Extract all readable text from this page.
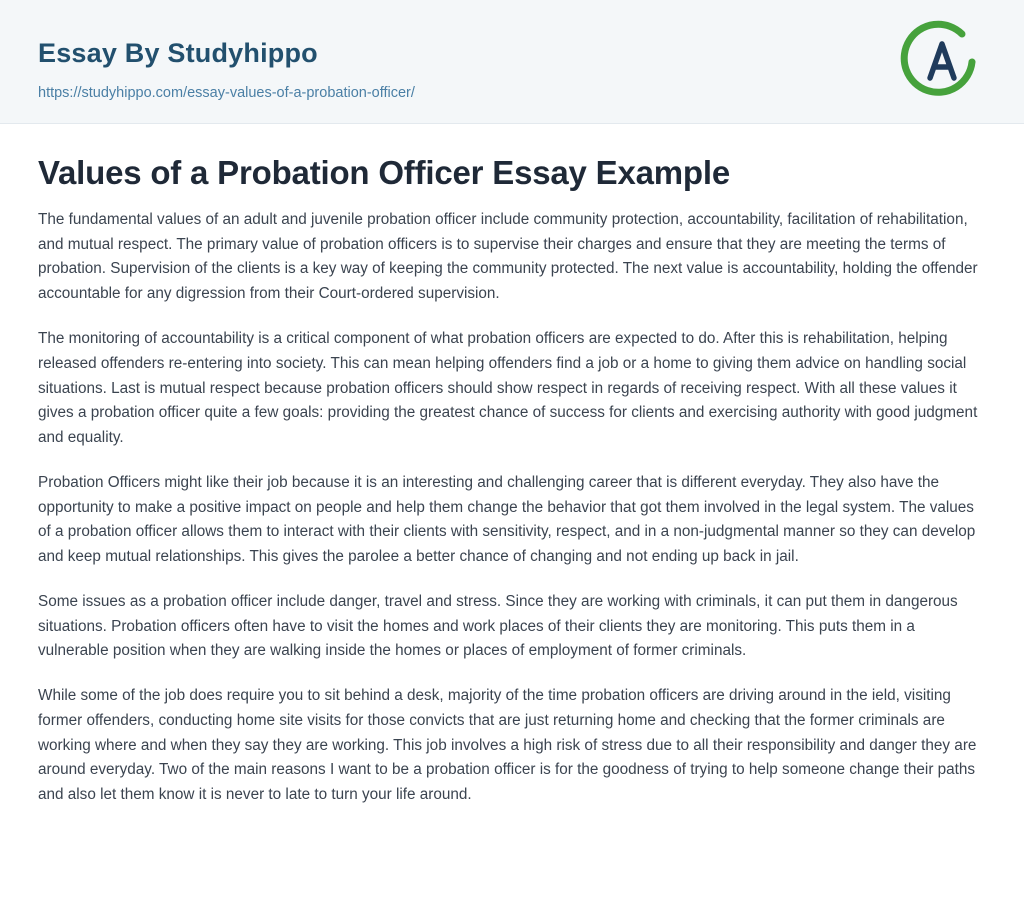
Essay By Studyhippo
https://studyhippo.com/essay-values-of-a-probation-officer/
Values of a Probation Officer Essay Example

The fundamental values of an adult and juvenile probation officer include community protection, accountability, facilitation of rehabilitation, and mutual respect. The primary value of probation officers is to supervise their charges and ensure that they are meeting the terms of probation. Supervision of the clients is a key way of keeping the community protected. The next value is accountability, holding the offender accountable for any digression from their Court-ordered supervision.

The monitoring of accountability is a critical component of what probation officers are expected to do. After this is rehabilitation, helping released offenders re-entering into society. This can mean helping offenders find a job or a home to giving them advice on handling social situations. Last is mutual respect because probation officers should show respect in regards of receiving respect. With all these values it gives a probation officer quite a few goals: providing the greatest chance of success for clients and exercising authority with good judgment and equality.

Probation Officers might like their job because it is an interesting and challenging career that is different everyday. They also have the opportunity to make a positive impact on people and help them change the behavior that got them involved in the legal system. The values of a probation officer allows them to interact with their clients with sensitivity, respect, and in a non-judgmental manner so they can develop and keep mutual relationships. This gives the parolee a better chance of changing and not ending up back in jail.

Some issues as a probation officer include danger, travel and stress. Since they are working with criminals, it can put them in dangerous situations. Probation officers often have to visit the homes and work places of their clients they are monitoring. This puts them in a vulnerable position when they are walking inside the homes or places of employment of former criminals.

While some of the job does require you to sit behind a desk, majority of the time probation officers are driving around in the ield, visiting former offenders, conducting home site visits for those convicts that are just returning home and checking that the former criminals are working where and when they say they are working. This job involves a high risk of stress due to all their responsibility and danger they are around everyday. Two of the main reasons I want to be a probation officer is for the goodness of trying to help someone change their paths and also let them know it is never to late to turn your life around.
